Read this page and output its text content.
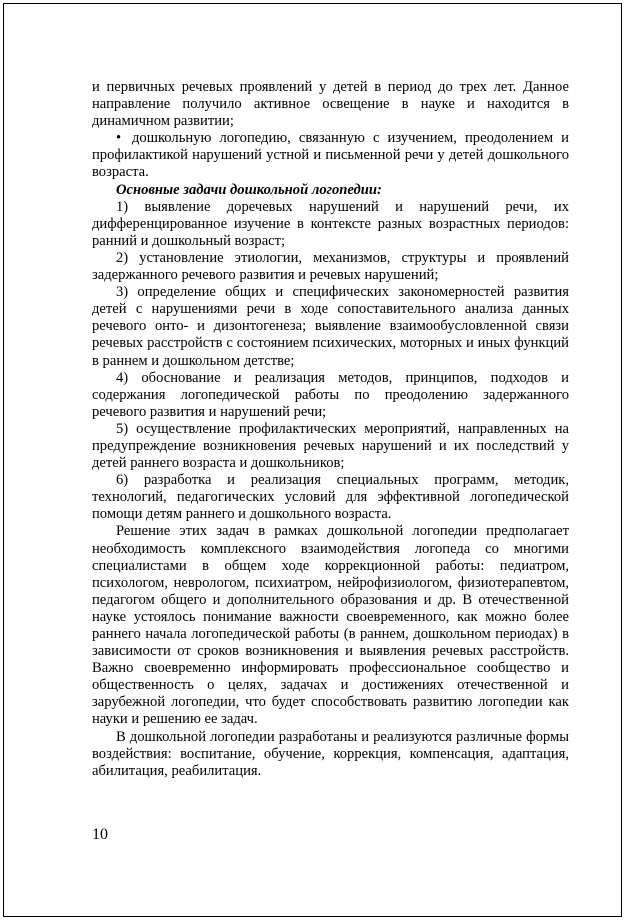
и первичных речевых проявлений у детей в период до трех лет. Данное направление получило активное освещение в науке и находится в динамичном развитии;

• дошкольную логопедию, связанную с изучением, преодолением и профилактикой нарушений устной и письменной речи у детей дошкольного возраста.

Основные задачи дошкольной логопедии:

1) выявление доречевых нарушений и нарушений речи, их дифференцированное изучение в контексте разных возрастных периодов: ранний и дошкольный возраст;

2) установление этиологии, механизмов, структуры и проявлений задержанного речевого развития и речевых нарушений;

3) определение общих и специфических закономерностей развития детей с нарушениями речи в ходе сопоставительного анализа данных речевого онто- и дизонтогенеза; выявление взаимообусловленной связи речевых расстройств с состоянием психических, моторных и иных функций в раннем и дошкольном детстве;

4) обоснование и реализация методов, принципов, подходов и содержания логопедической работы по преодолению задержанного речевого развития и нарушений речи;

5) осуществление профилактических мероприятий, направленных на предупреждение возникновения речевых нарушений и их последствий у детей раннего возраста и дошкольников;

6) разработка и реализация специальных программ, методик, технологий, педагогических условий для эффективной логопедической помощи детям раннего и дошкольного возраста.

Решение этих задач в рамках дошкольной логопедии предполагает необходимость комплексного взаимодействия логопеда со многими специалистами в общем ходе коррекционной работы: педиатром, психологом, неврологом, психиатром, нейрофизиологом, физиотерапевтом, педагогом общего и дополнительного образования и др. В отечественной науке устоялось понимание важности своевременного, как можно более раннего начала логопедической работы (в раннем, дошкольном периодах) в зависимости от сроков возникновения и выявления речевых расстройств. Важно своевременно информировать профессиональное сообщество и общественность о целях, задачах и достижениях отечественной и зарубежной логопедии, что будет способствовать развитию логопедии как науки и решению ее задач.

В дошкольной логопедии разработаны и реализуются различные формы воздействия: воспитание, обучение, коррекция, компенсация, адаптация, абилитация, реабилитация.

10
